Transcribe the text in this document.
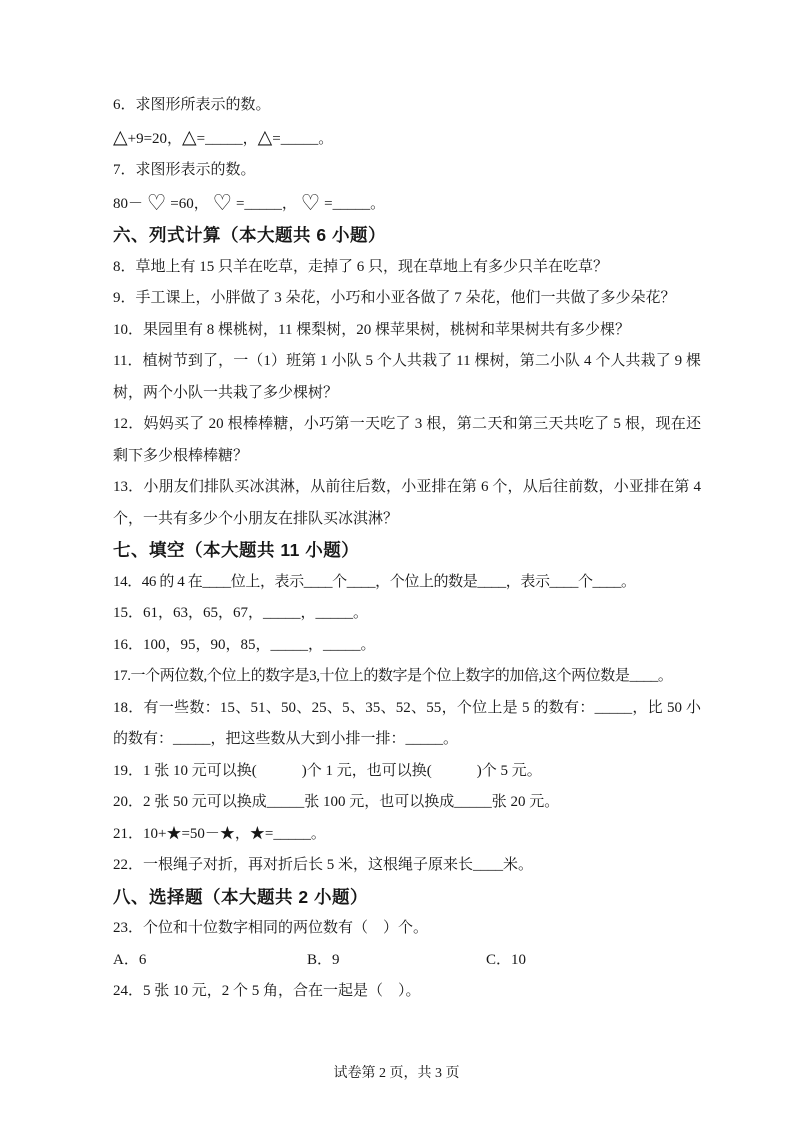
6．求图形所表示的数。

△+9=20，△=_____，△=_____。

7．求图形表示的数。

80－ ♡ =60， ♡ =_____， ♡ =_____。

六、列式计算（本大题共 6 小题）

8．草地上有 15 只羊在吃草，走掉了 6 只，现在草地上有多少只羊在吃草？

9．手工课上，小胖做了 3 朵花，小巧和小亚各做了 7 朵花，他们一共做了多少朵花？

10．果园里有 8 棵桃树，11 棵梨树，20 棵苹果树，桃树和苹果树共有多少棵？

11．植树节到了，一（1）班第 1 小队 5 个人共栽了 11 棵树，第二小队 4 个人共栽了 9 棵树，两个小队一共栽了多少棵树？

12．妈妈买了 20 根棒棒糖，小巧第一天吃了 3 根，第二天和第三天共吃了 5 根，现在还剩下多少根棒棒糖？

13．小朋友们排队买冰淇淋，从前往后数，小亚排在第 6 个，从后往前数，小亚排在第 4 个，一共有多少个小朋友在排队买冰淇淋？

七、填空（本大题共 11 小题）

14．46 的 4 在____位上，表示____个____，个位上的数是____，表示____个____。

15．61，63，65，67，_____，_____。

16．100，95，90，85，_____，_____。

17.一个两位数,个位上的数字是3,十位上的数字是个位上数字的加倍,这个两位数是____。

18．有一些数：15、51、50、25、5、35、52、55，个位上是 5 的数有：_____，比 50 小的数有：_____，把这些数从大到小排一排：_____。

19．1 张 10 元可以换(　　　)个 1 元，也可以换(　　　)个 5 元。

20．2 张 50 元可以换成_____张 100 元，也可以换成_____张 20 元。

21．10+★=50－★，★=_____。

22．一根绳子对折，再对折后长 5 米，这根绳子原来长____米。

八、选择题（本大题共 2 小题）

23．个位和十位数字相同的两位数有（　）个。

A．6	B．9	C．10

24．5 张 10 元，2 个 5 角，合在一起是（　）。

试卷第 2 页，共 3 页
